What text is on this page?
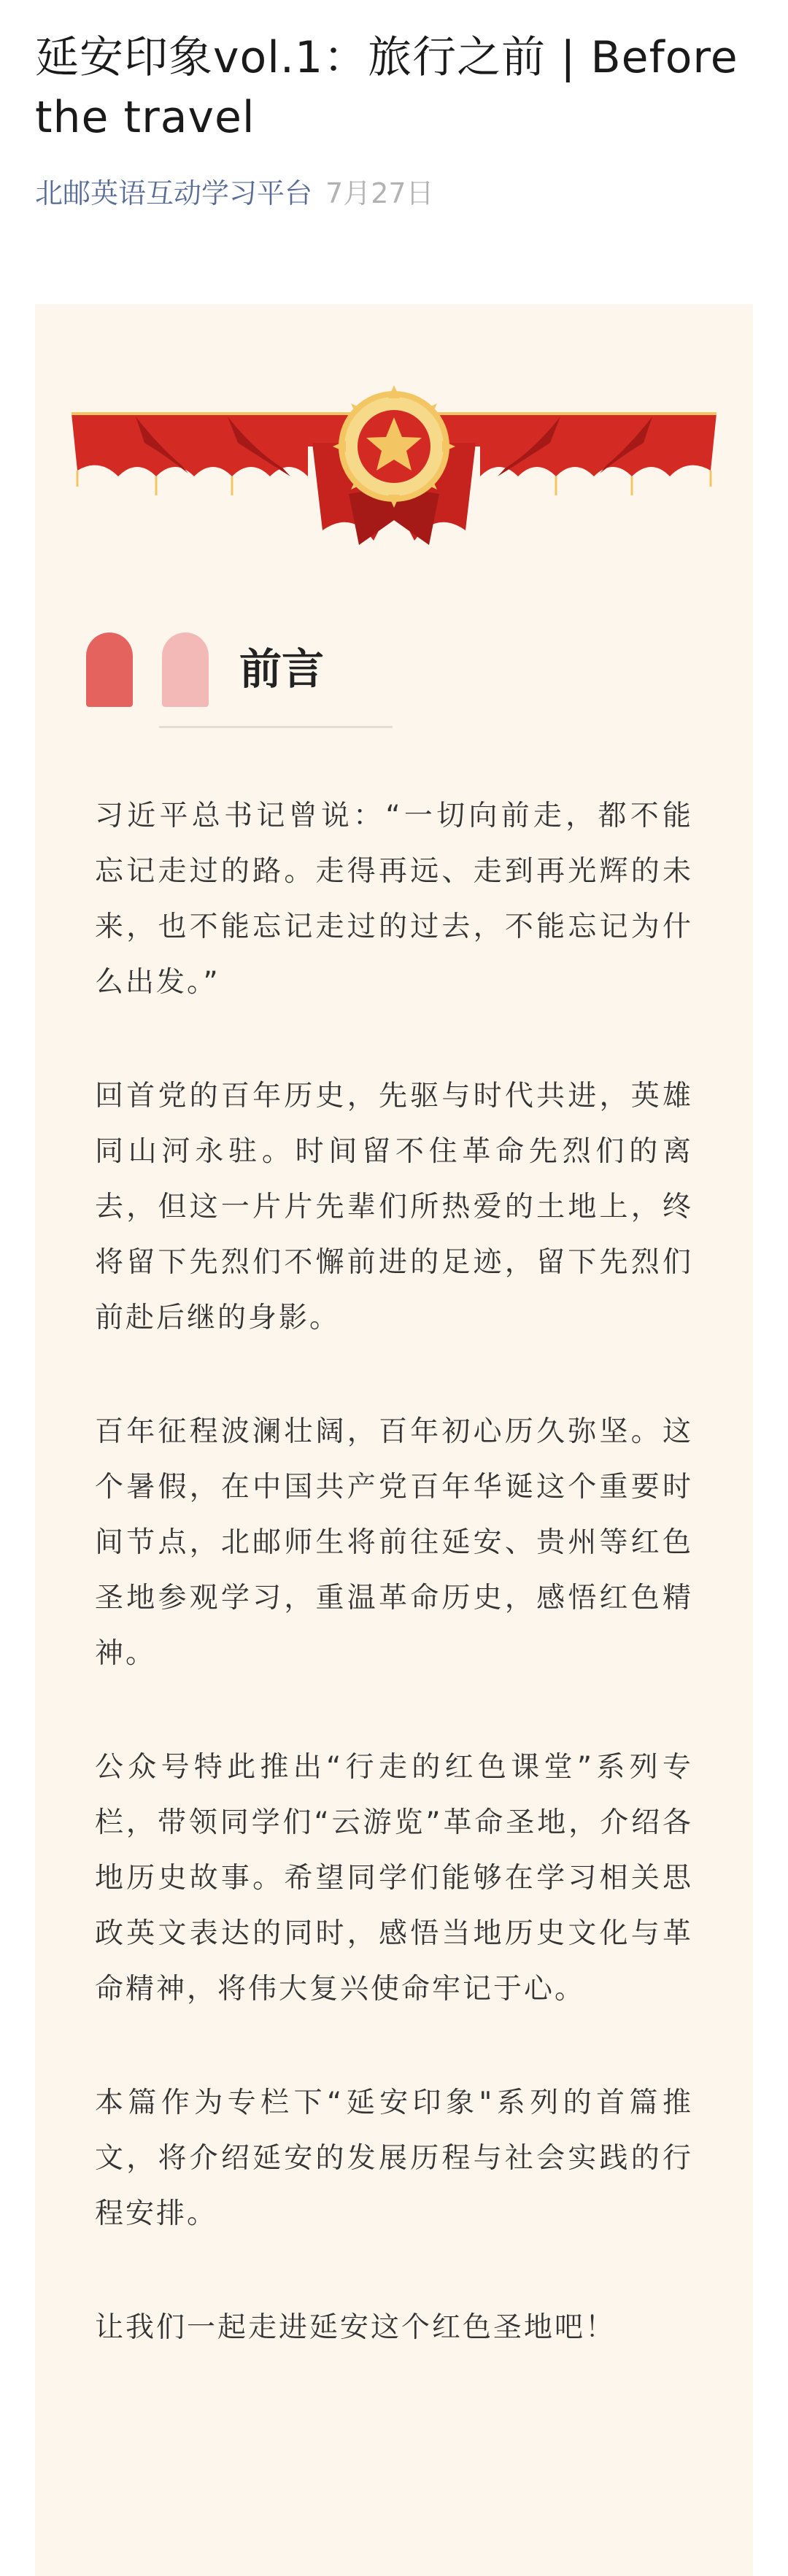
延安印象vol.1：旅行之前 | Before the travel
北邮英语互动学习平台 7月27日
前言

习近平总书记曾说：“一切向前走，都不能忘记走过的路。走得再远、走到再光辉的未来，也不能忘记走过的过去，不能忘记为什么出发。”

回首党的百年历史，先驱与时代共进，英雄同山河永驻。时间留不住革命先烈们的离去，但这一片片先辈们所热爱的土地上，终将留下先烈们不懈前进的足迹，留下先烈们前赴后继的身影。

百年征程波澜壮阔，百年初心历久弥坚。这个暑假，在中国共产党百年华诞这个重要时间节点，北邮师生将前往延安、贵州等红色圣地参观学习，重温革命历史，感悟红色精神。

公众号特此推出“行走的红色课堂”系列专栏，带领同学们“云游览”革命圣地，介绍各地历史故事。希望同学们能够在学习相关思政英文表达的同时，感悟当地历史文化与革命精神，将伟大复兴使命牢记于心。

本篇作为专栏下“延安印象"系列的首篇推文，将介绍延安的发展历程与社会实践的行程安排。

让我们一起走进延安这个红色圣地吧！
